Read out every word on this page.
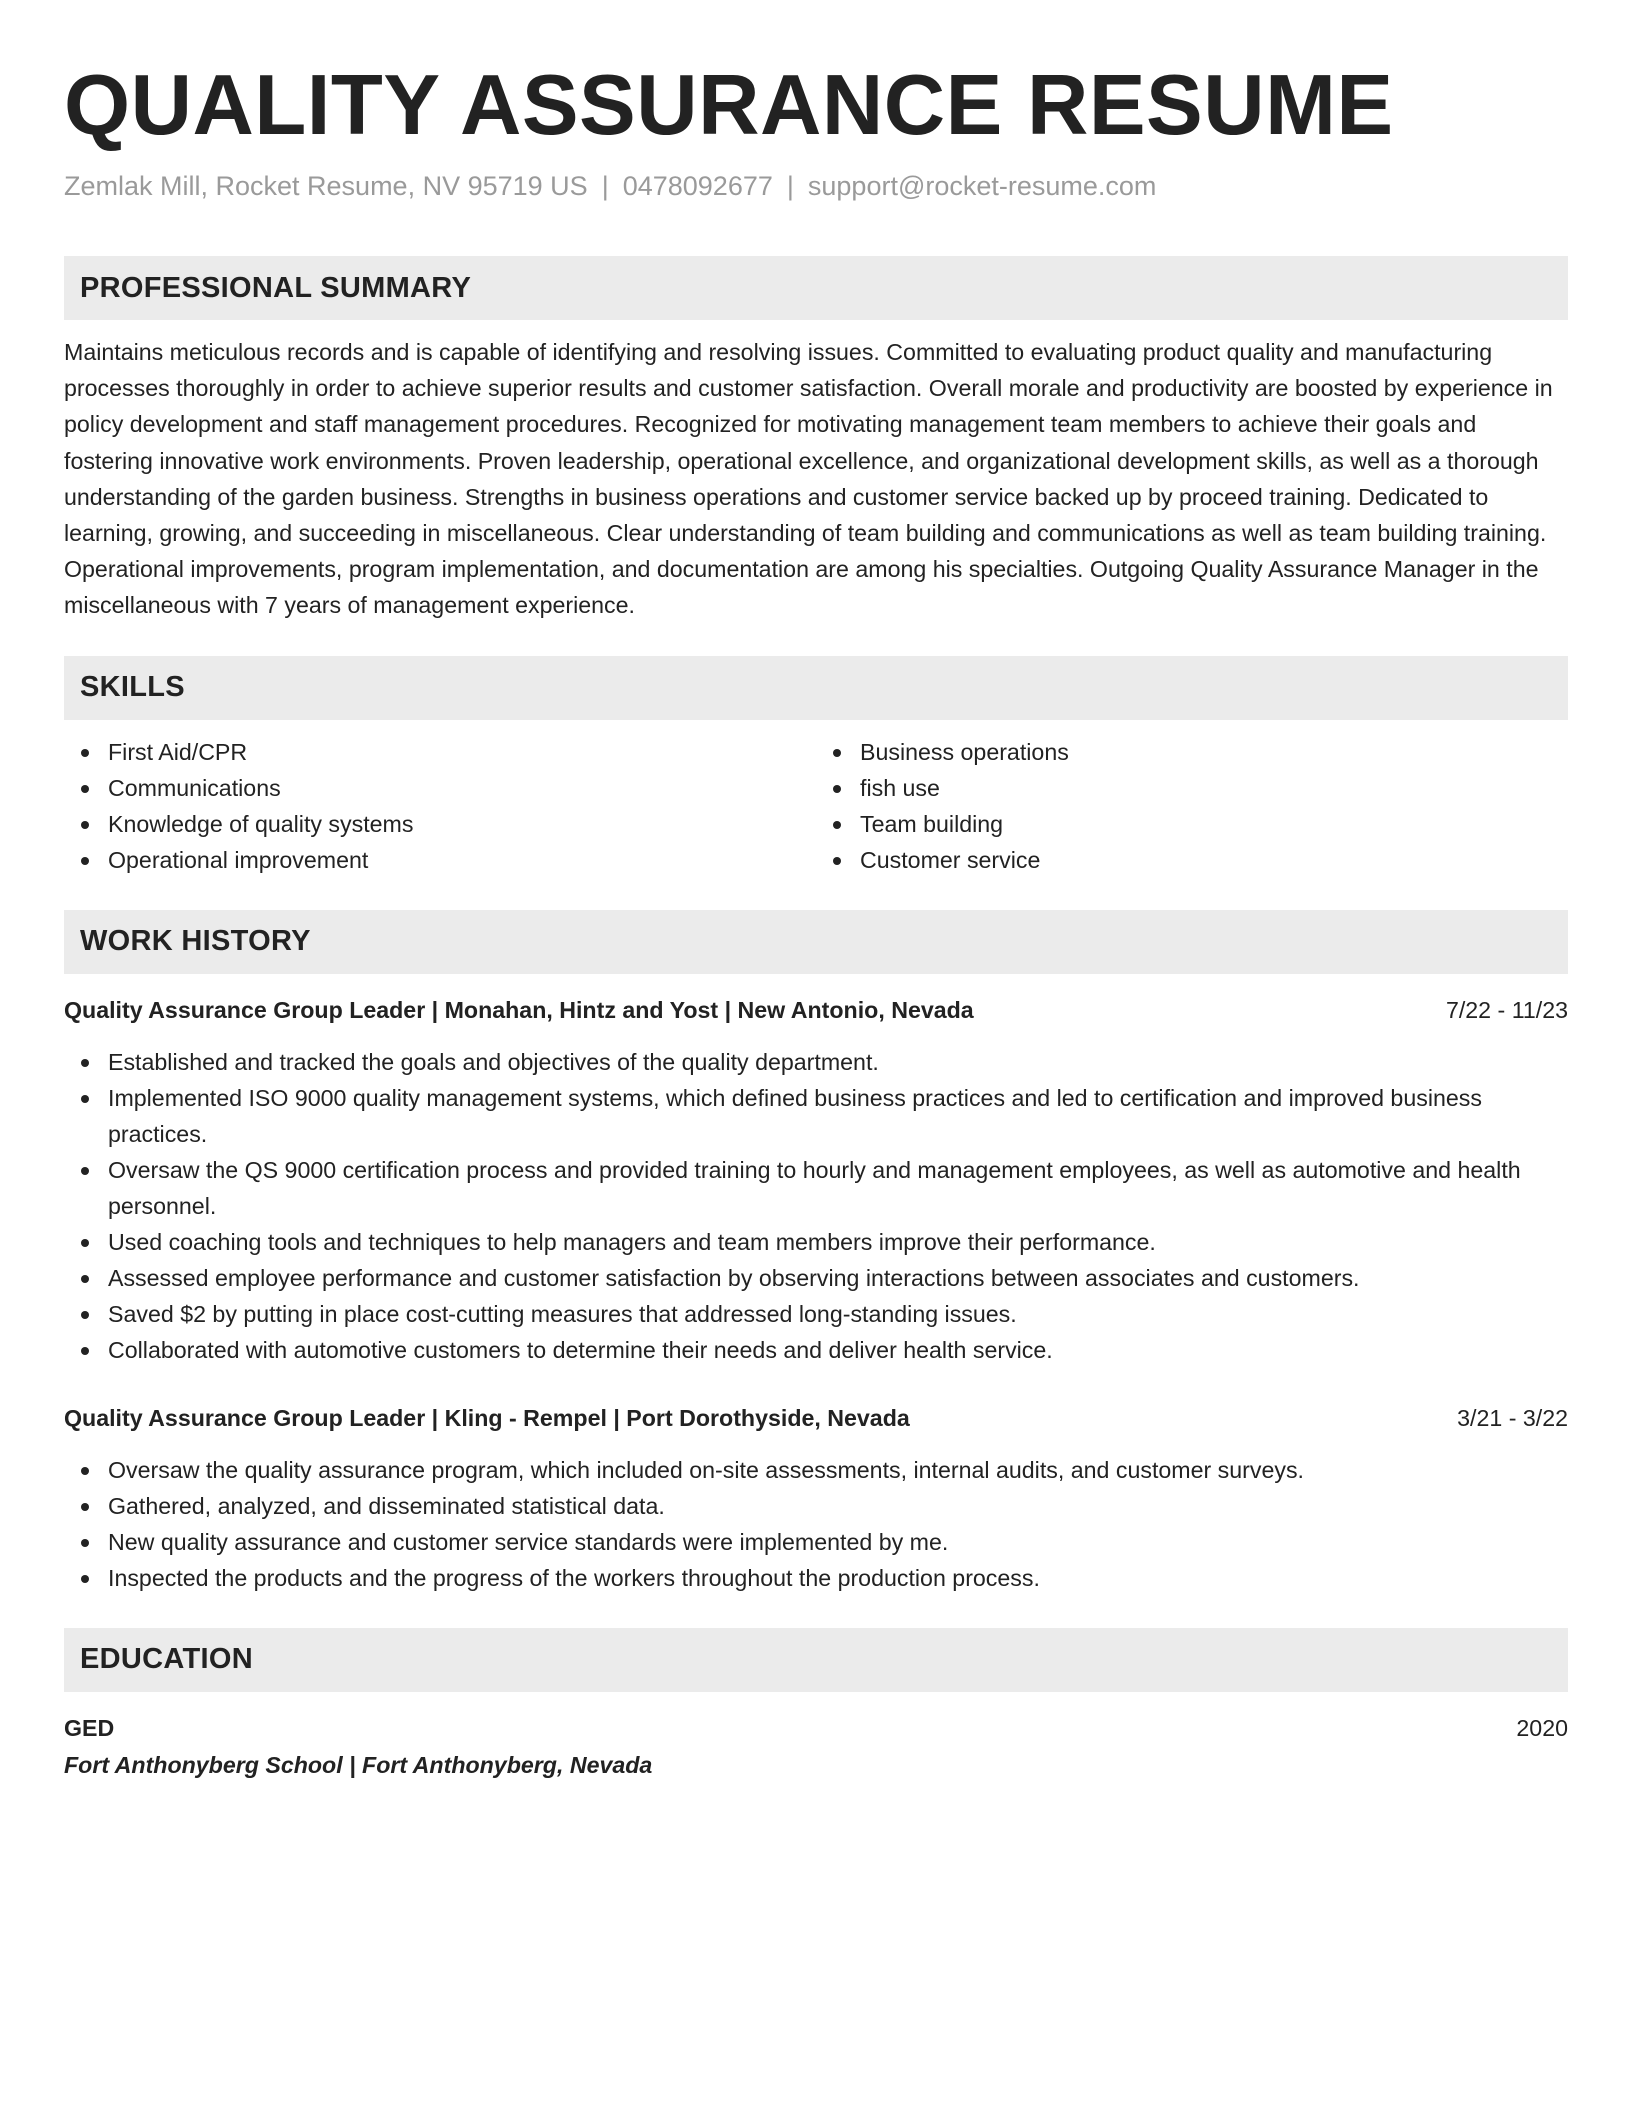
QUALITY ASSURANCE RESUME
Zemlak Mill, Rocket Resume, NV 95719 US | 0478092677 | support@rocket-resume.com
PROFESSIONAL SUMMARY

Maintains meticulous records and is capable of identifying and resolving issues. Committed to evaluating product quality and manufacturing processes thoroughly in order to achieve superior results and customer satisfaction. Overall morale and productivity are boosted by experience in policy development and staff management procedures. Recognized for motivating management team members to achieve their goals and fostering innovative work environments. Proven leadership, operational excellence, and organizational development skills, as well as a thorough understanding of the garden business. Strengths in business operations and customer service backed up by proceed training. Dedicated to learning, growing, and succeeding in miscellaneous. Clear understanding of team building and communications as well as team building training. Operational improvements, program implementation, and documentation are among his specialties. Outgoing Quality Assurance Manager in the miscellaneous with 7 years of management experience.

SKILLS
First Aid/CPR
Communications
Knowledge of quality systems
Operational improvement
Business operations
fish use
Team building
Customer service
WORK HISTORY
Quality Assurance Group Leader | Monahan, Hintz and Yost | New Antonio, Nevada	7/22 - 11/23
Established and tracked the goals and objectives of the quality department.
Implemented ISO 9000 quality management systems, which defined business practices and led to certification and improved business practices.
Oversaw the QS 9000 certification process and provided training to hourly and management employees, as well as automotive and health personnel.
Used coaching tools and techniques to help managers and team members improve their performance.
Assessed employee performance and customer satisfaction by observing interactions between associates and customers.
Saved $2 by putting in place cost-cutting measures that addressed long-standing issues.
Collaborated with automotive customers to determine their needs and deliver health service.
Quality Assurance Group Leader | Kling - Rempel | Port Dorothyside, Nevada	3/21 - 3/22
Oversaw the quality assurance program, which included on-site assessments, internal audits, and customer surveys.
Gathered, analyzed, and disseminated statistical data.
New quality assurance and customer service standards were implemented by me.
Inspected the products and the progress of the workers throughout the production process.
EDUCATION
GED	2020
Fort Anthonyberg School | Fort Anthonyberg, Nevada
